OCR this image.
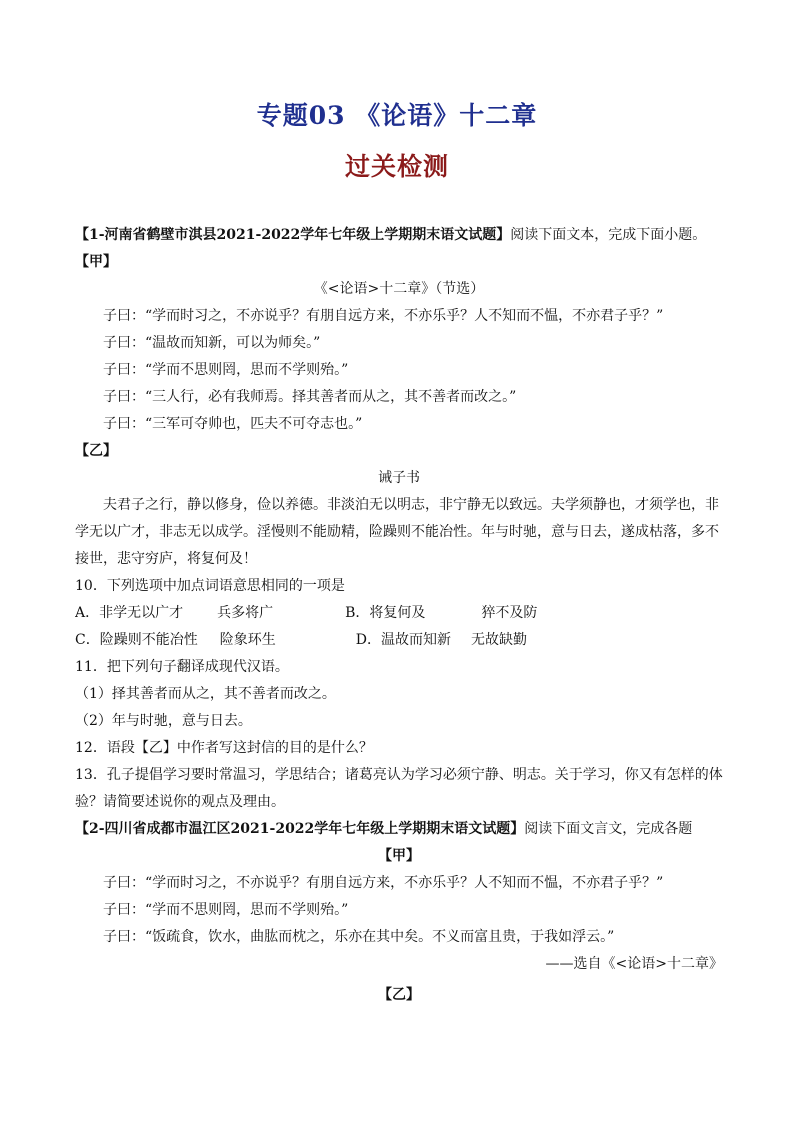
专题03 《论语》十二章
过关检测
【1-河南省鹤壁市淇县2021-2022学年七年级上学期期末语文试题】阅读下面文本，完成下面小题。
【甲】
《<论语>十二章》（节选）
子曰：“学而时习之，不亦说乎？有朋自远方来，不亦乐乎？人不知而不愠，不亦君子乎？”
子曰：“温故而知新，可以为师矣。”
子曰：“学而不思则罔，思而不学则殆。”
子曰：“三人行，必有我师焉。择其善者而从之，其不善者而改之。”
子曰：“三军可夺帅也，匹夫不可夺志也。”
【乙】
诫子书
夫君子之行，静以修身，俭以养德。非淡泊无以明志，非宁静无以致远。夫学须静也，才须学也，非
学无以广才，非志无以成学。淫慢则不能励精，险躁则不能冶性。年与时驰，意与日去，遂成枯落，多不
接世，悲守穷庐，将复何及！
10．下列选项中加点词语意思相同的一项是
A．非学无以广才 兵多将广	B．将复何及	猝不及防
C．险躁则不能冶性 险象环生	D．温故而知新 无故缺勤
11．把下列句子翻译成现代汉语。
（1）择其善者而从之，其不善者而改之。
（2）年与时驰，意与日去。
12．语段【乙】中作者写这封信的目的是什么？
13．孔子提倡学习要时常温习，学思结合；诸葛亮认为学习必须宁静、明志。关于学习，你又有怎样的体
验？请简要述说你的观点及理由。
【2-四川省成都市温江区2021-2022学年七年级上学期期末语文试题】阅读下面文言文，完成各题
【甲】
子曰：“学而时习之，不亦说乎？有朋自远方来，不亦乐乎？人不知而不愠，不亦君子乎？”
子曰：“学而不思则罔，思而不学则殆。”
子曰：“饭疏食，饮水，曲肱而枕之，乐亦在其中矣。不义而富且贵，于我如浮云。”
——选自《<论语>十二章》
【乙】
